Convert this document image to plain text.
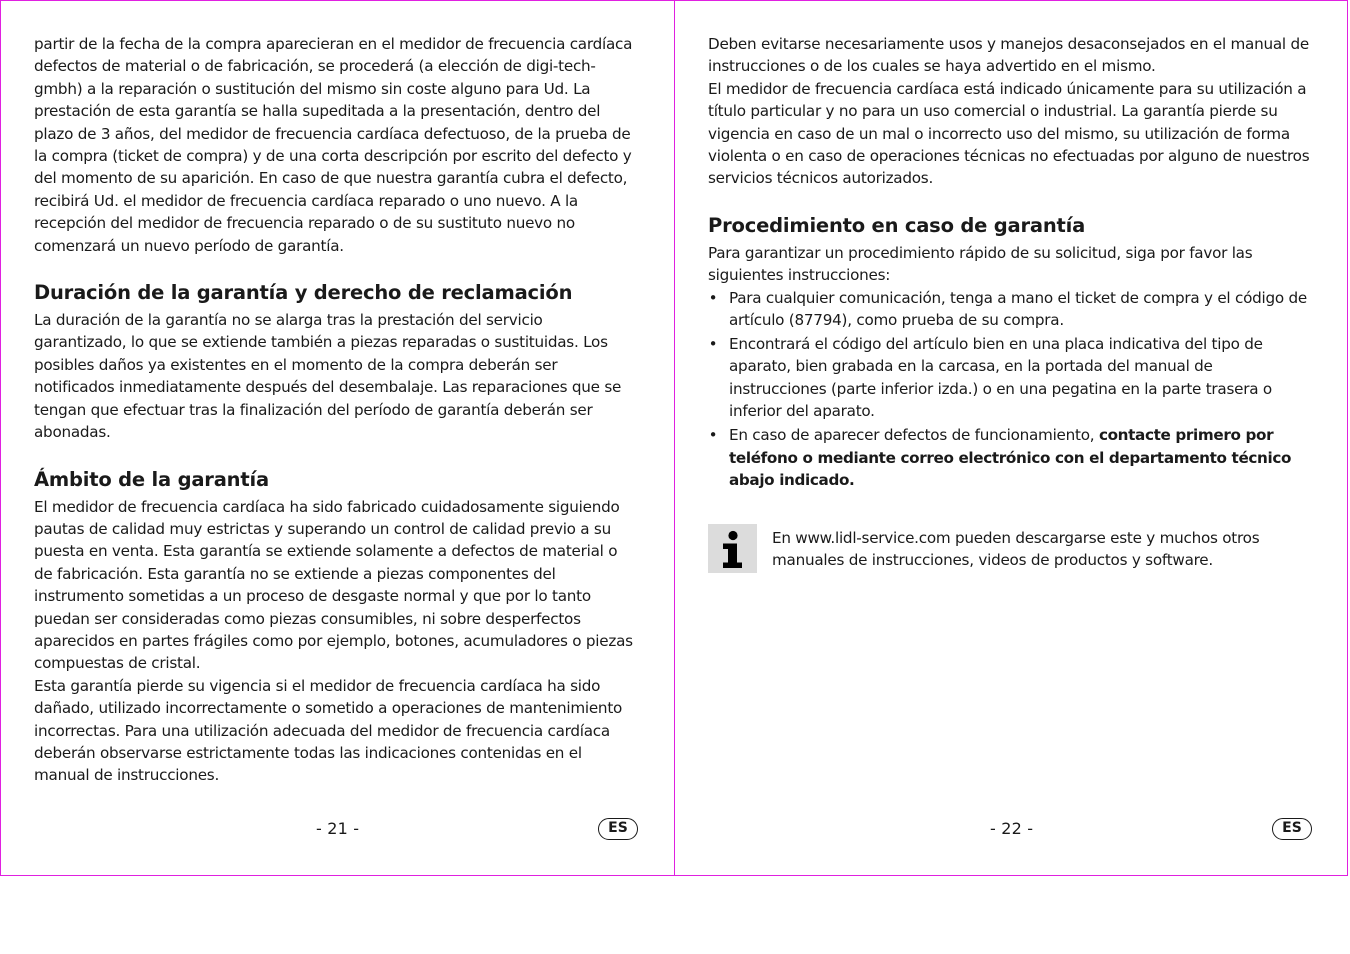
partir de la fecha de la compra aparecieran en el medidor de frecuencia cardíaca defectos de material o de fabricación, se procederá (a elección de digi-tech-gmbh) a la reparación o sustitución del mismo sin coste alguno para Ud. La prestación de esta garantía se halla supeditada a la presentación, dentro del plazo de 3 años, del medidor de frecuencia cardíaca defectuoso, de la prueba de la compra (ticket de compra) y de una corta descripción por escrito del defecto y del momento de su aparición. En caso de que nuestra garantía cubra el defecto, recibirá Ud. el medidor de frecuencia cardíaca reparado o uno nuevo. A la recepción del medidor de frecuencia reparado o de su sustituto nuevo no comenzará un nuevo período de garantía.

Duración de la garantía y derecho de reclamación

La duración de la garantía no se alarga tras la prestación del servicio garantizado, lo que se extiende también a piezas reparadas o sustituidas. Los posibles daños ya existentes en el momento de la compra deberán ser notificados inmediatamente después del desembalaje. Las reparaciones que se tengan que efectuar tras la finalización del período de garantía deberán ser abonadas.

Ámbito de la garantía

El medidor de frecuencia cardíaca ha sido fabricado cuidadosamente siguiendo pautas de calidad muy estrictas y superando un control de calidad previo a su puesta en venta. Esta garantía se extiende solamente a defectos de material o de fabricación. Esta garantía no se extiende a piezas componentes del instrumento sometidas a un proceso de desgaste normal y que por lo tanto puedan ser consideradas como piezas consumibles, ni sobre desperfectos aparecidos en partes frágiles como por ejemplo, botones, acumuladores o piezas compuestas de cristal.

Esta garantía pierde su vigencia si el medidor de frecuencia cardíaca ha sido dañado, utilizado incorrectamente o sometido a operaciones de mantenimiento incorrectas. Para una utilización adecuada del medidor de frecuencia cardíaca deberán observarse estrictamente todas las indicaciones contenidas en el manual de instrucciones.

- 21 -	ES

Deben evitarse necesariamente usos y manejos desaconsejados en el manual de instrucciones o de los cuales se haya advertido en el mismo.

El medidor de frecuencia cardíaca está indicado únicamente para su utilización a título particular y no para un uso comercial o industrial. La garantía pierde su vigencia en caso de un mal o incorrecto uso del mismo, su utilización de forma violenta o en caso de operaciones técnicas no efectuadas por alguno de nuestros servicios técnicos autorizados.

Procedimiento en caso de garantía

Para garantizar un procedimiento rápido de su solicitud, siga por favor las siguientes instrucciones:

• Para cualquier comunicación, tenga a mano el ticket de compra y el código de artículo (87794), como prueba de su compra.
• Encontrará el código del artículo bien en una placa indicativa del tipo de aparato, bien grabada en la carcasa, en la portada del manual de instrucciones (parte inferior izda.) o en una pegatina en la parte trasera o inferior del aparato.
• En caso de aparecer defectos de funcionamiento, contacte primero por teléfono o mediante correo electrónico con el departamento técnico abajo indicado.

En www.lidl-service.com pueden descargarse este y muchos otros manuales de instrucciones, videos de productos y software.

- 22 -	ES
